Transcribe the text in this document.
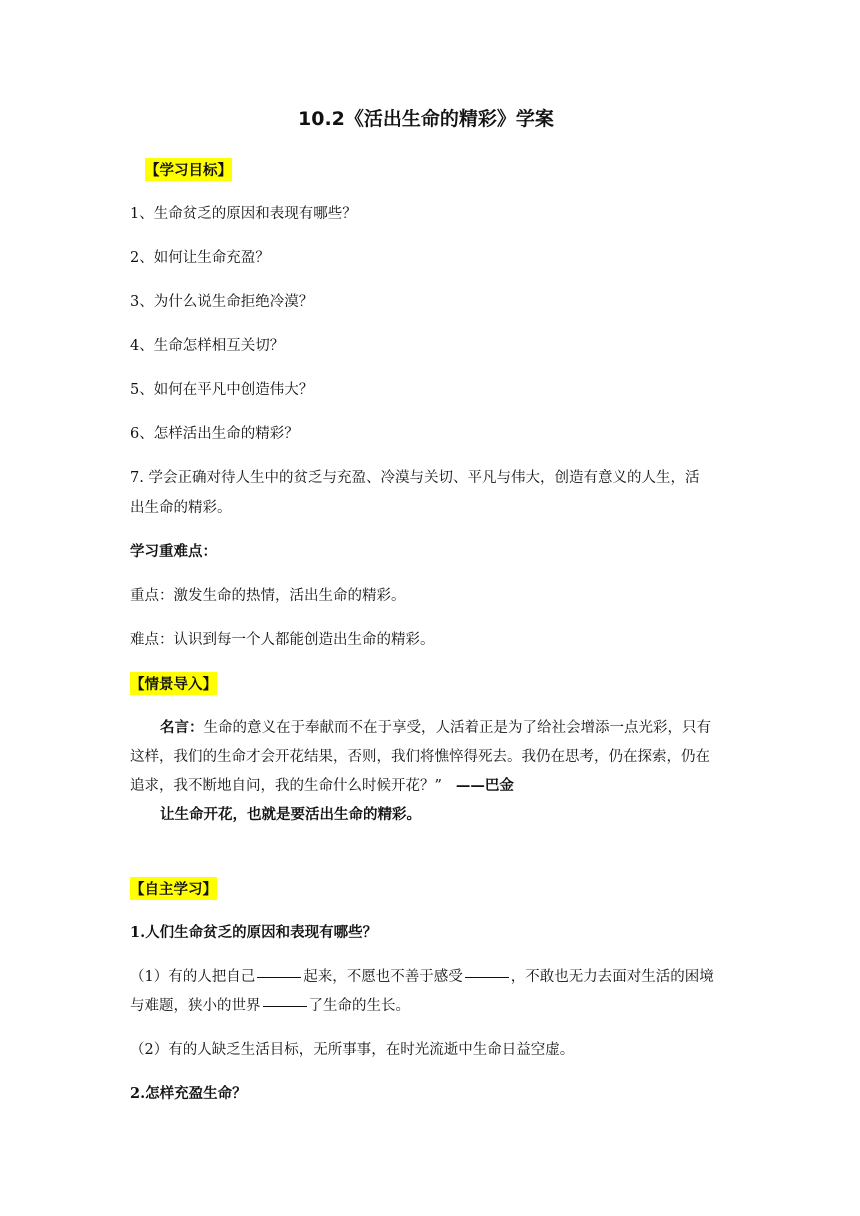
10.2《活出生命的精彩》学案
【学习目标】
1、生命贫乏的原因和表现有哪些？
2、如何让生命充盈？
3、为什么说生命拒绝冷漠？
4、生命怎样相互关切？
5、如何在平凡中创造伟大？
6、怎样活出生命的精彩？
7. 学会正确对待人生中的贫乏与充盈、冷漠与关切、平凡与伟大，创造有意义的人生，活
出生命的精彩。
学习重难点：
重点：激发生命的热情，活出生命的精彩。
难点：认识到每一个人都能创造出生命的精彩。
【情景导入】
名言：生命的意义在于奉献而不在于享受，人活着正是为了给社会增添一点光彩，只有
这样，我们的生命才会开花结果，否则，我们将憔悴得死去。我仍在思考，仍在探索，仍在
追求，我不断地自问，我的生命什么时候开花？” ——巴金
让生命开花，也就是要活出生命的精彩。
【自主学习】
1.人们生命贫乏的原因和表现有哪些？
（1）有的人把自己	起来，不愿也不善于感受	，不敢也无力去面对生活的困境
与难题，狭小的世界	了生命的生长。
（2）有的人缺乏生活目标，无所事事，在时光流逝中生命日益空虚。
2.怎样充盈生命？
